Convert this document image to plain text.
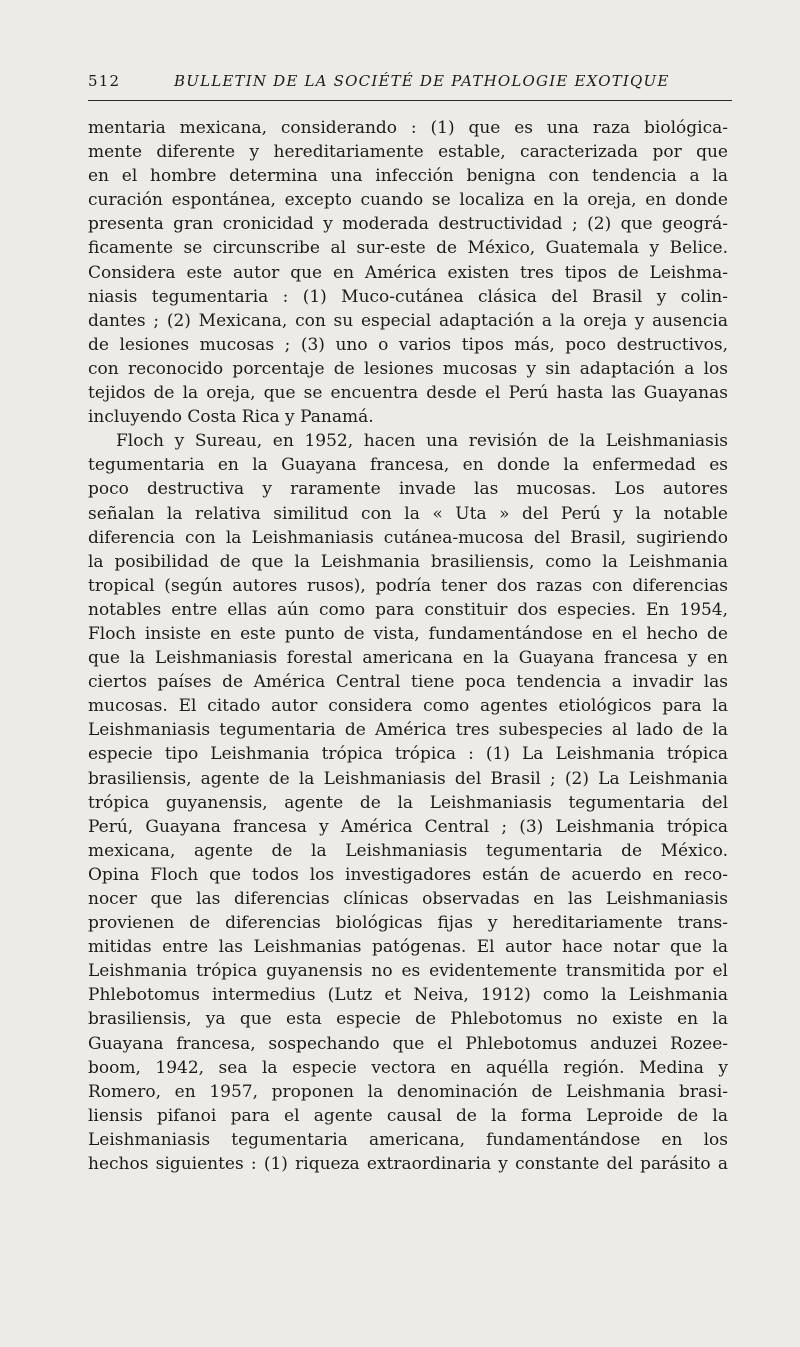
512	BULLETIN DE LA SOCIÉTÉ DE PATHOLOGIE EXOTIQUE
mentaria mexicana, considerando : (1) que es una raza biológica-
mente diferente y hereditariamente estable, caracterizada por que
en el hombre determina una infección benigna con tendencia a la
curación espontánea, excepto cuando se localiza en la oreja, en donde
presenta gran cronicidad y moderada destructividad ; (2) que geográ-
ficamente se circunscribe al sur-este de México, Guatemala y Belice.
Considera este autor que en América existen tres tipos de Leishma-
niasis tegumentaria : (1) Muco-cutánea clásica del Brasil y colin-
dantes ; (2) Mexicana, con su especial adaptación a la oreja y ausencia
de lesiones mucosas ; (3) uno o varios tipos más, poco destructivos,
con reconocido porcentaje de lesiones mucosas y sin adaptación a los
tejidos de la oreja, que se encuentra desde el Perú hasta las Guayanas
incluyendo Costa Rica y Panamá.
Floch y Sureau, en 1952, hacen una revisión de la Leishmaniasis
tegumentaria en la Guayana francesa, en donde la enfermedad es
poco destructiva y raramente invade las mucosas. Los autores
señalan la relativa similitud con la « Uta » del Perú y la notable
diferencia con la Leishmaniasis cutánea-mucosa del Brasil, sugiriendo
la posibilidad de que la Leishmania brasiliensis, como la Leishmania
tropical (según autores rusos), podría tener dos razas con diferencias
notables entre ellas aún como para constituir dos especies. En 1954,
Floch insiste en este punto de vista, fundamentándose en el hecho de
que la Leishmaniasis forestal americana en la Guayana francesa y en
ciertos países de América Central tiene poca tendencia a invadir las
mucosas. El citado autor considera como agentes etiológicos para la
Leishmaniasis tegumentaria de América tres subespecies al lado de la
especie tipo Leishmania trópica trópica : (1) La Leishmania trópica
brasiliensis, agente de la Leishmaniasis del Brasil ; (2) La Leishmania
trópica guyanensis, agente de la Leishmaniasis tegumentaria del
Perú, Guayana francesa y América Central ; (3) Leishmania trópica
mexicana, agente de la Leishmaniasis tegumentaria de México.
Opina Floch que todos los investigadores están de acuerdo en reco-
nocer que las diferencias clínicas observadas en las Leishmaniasis
provienen de diferencias biológicas fijas y hereditariamente trans-
mitidas entre las Leishmanias patógenas. El autor hace notar que la
Leishmania trópica guyanensis no es evidentemente transmitida por el
Phlebotomus intermedius (Lutz et Neiva, 1912) como la Leishmania
brasiliensis, ya que esta especie de Phlebotomus no existe en la
Guayana francesa, sospechando que el Phlebotomus anduzei Rozee-
boom, 1942, sea la especie vectora en aquélla región. Medina y
Romero, en 1957, proponen la denominación de Leishmania brasi-
liensis pifanoi para el agente causal de la forma Leproide de la
Leishmaniasis tegumentaria americana, fundamentándose en los
hechos siguientes : (1) riqueza extraordinaria y constante del parásito a
